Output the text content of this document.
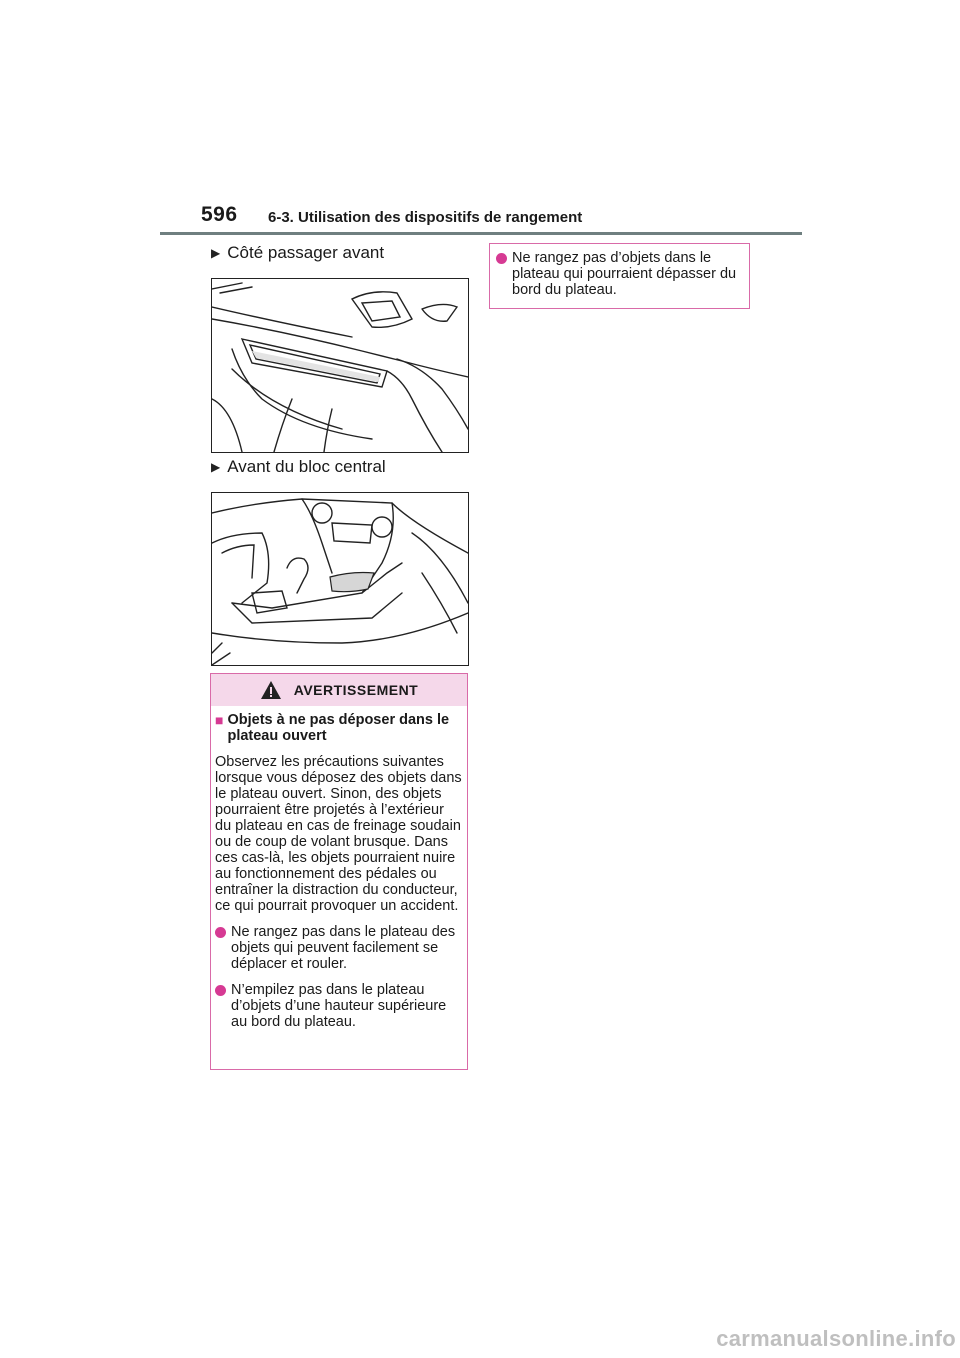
596 6-3. Utilisation des dispositifs de rangement
▶ Côté passager avant
▶ Avant du bloc central
AVERTISSEMENT
■ Objets à ne pas déposer dans le plateau ouvert

Observez les précautions suivantes lorsque vous déposez des objets dans le plateau ouvert. Sinon, des objets pourraient être projetés à l’extérieur du plateau en cas de freinage soudain ou de coup de volant brusque. Dans ces cas-là, les objets pourraient nuire au fonctionnement des pédales ou entraîner la distraction du conducteur, ce qui pourrait provoquer un accident.

Ne rangez pas dans le plateau des objets qui peuvent facilement se déplacer et rouler.
N’empilez pas dans le plateau d’objets d’une hauteur supérieure au bord du plateau.
Ne rangez pas d’objets dans le plateau qui pourraient dépasser du bord du plateau.
carmanualsonline.info
